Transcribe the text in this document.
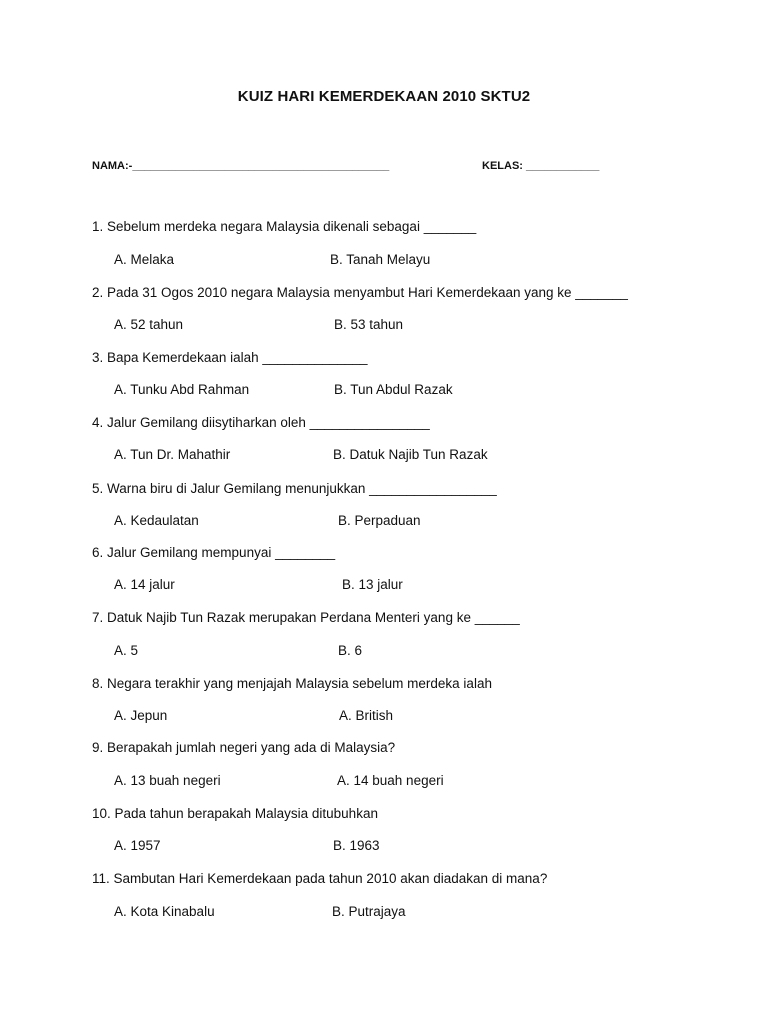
KUIZ HARI KEMERDEKAAN 2010 SKTU2
NAMA:-__________________________________________	KELAS: ____________
1. Sebelum merdeka negara Malaysia dikenali sebagai _______
A. Melaka	B. Tanah Melayu
2. Pada 31 Ogos 2010 negara Malaysia menyambut Hari Kemerdekaan yang ke _______
A. 52 tahun	B. 53 tahun
3. Bapa Kemerdekaan ialah ______________
A. Tunku Abd Rahman	B. Tun Abdul Razak
4. Jalur Gemilang diisytiharkan oleh ________________
A. Tun Dr. Mahathir	B. Datuk Najib Tun Razak
5. Warna biru di Jalur Gemilang menunjukkan _________________
A. Kedaulatan	B. Perpaduan
6. Jalur Gemilang mempunyai ________
A. 14 jalur	B. 13 jalur
7. Datuk Najib Tun Razak merupakan Perdana Menteri yang ke ______
A. 5	B. 6
8. Negara terakhir yang menjajah Malaysia sebelum merdeka ialah
A. Jepun	A. British
9. Berapakah jumlah negeri yang ada di Malaysia?
A. 13 buah negeri	A. 14 buah negeri
10. Pada tahun berapakah Malaysia ditubuhkan
A. 1957	B. 1963
11. Sambutan Hari Kemerdekaan pada tahun 2010 akan diadakan di mana?
A. Kota Kinabalu	B. Putrajaya
